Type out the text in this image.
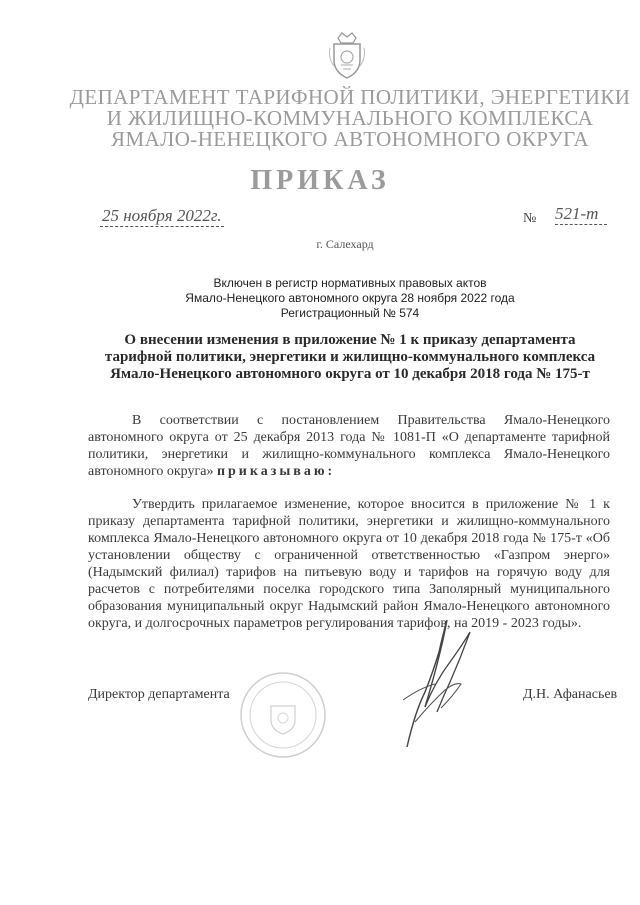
ДЕПАРТАМЕНТ ТАРИФНОЙ ПОЛИТИКИ, ЭНЕРГЕТИКИ
И ЖИЛИЩНО-КОММУНАЛЬНОГО КОМПЛЕКСА
ЯМАЛО-НЕНЕЦКОГО АВТОНОМНОГО ОКРУГА
ПРИКАЗ
25 ноября 2022г.	№ 521-т
г. Салехард
Включен в регистр нормативных правовых актов
Ямало-Ненецкого автономного округа 28 ноября 2022 года
Регистрационный № 574
О внесении изменения в приложение № 1 к приказу департамента
тарифной политики, энергетики и жилищно-коммунального комплекса
Ямало-Ненецкого автономного округа от 10 декабря 2018 года № 175-т
В соответствии с постановлением Правительства Ямало-Ненецкого автономного округа от 25 декабря 2013 года № 1081-П «О департаменте тарифной политики, энергетики и жилищно-коммунального комплекса Ямало-Ненецкого автономного округа» приказываю:
Утвердить прилагаемое изменение, которое вносится в приложение № 1 к приказу департамента тарифной политики, энергетики и жилищно-коммунального комплекса Ямало-Ненецкого автономного округа от 10 декабря 2018 года № 175-т «Об установлении обществу с ограниченной ответственностью «Газпром энерго» (Надымский филиал) тарифов на питьевую воду и тарифов на горячую воду для расчетов с потребителями поселка городского типа Заполярный муниципального образования муниципальный округ Надымский район Ямало-Ненецкого автономного округа, и долгосрочных параметров регулирования тарифов, на 2019 - 2023 годы».
Директор департамента	Д.Н. Афанасьев
